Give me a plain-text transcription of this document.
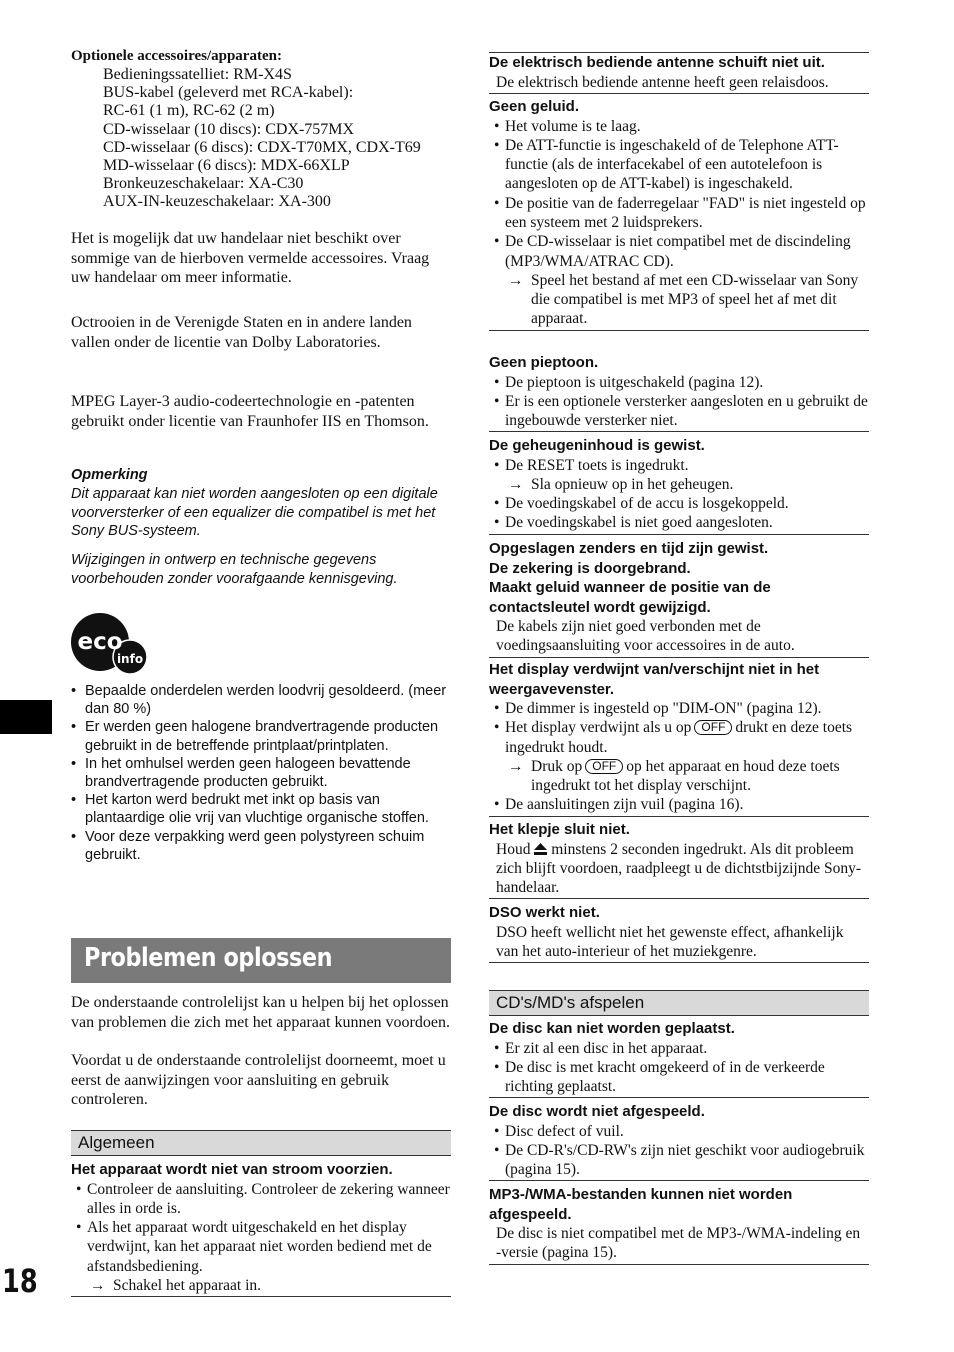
Optionele accessoires/apparaten:
Bedieningssatelliet: RM-X4S
BUS-kabel (geleverd met RCA-kabel):
RC-61 (1 m), RC-62 (2 m)
CD-wisselaar (10 discs): CDX-757MX
CD-wisselaar (6 discs): CDX-T70MX, CDX-T69
MD-wisselaar (6 discs): MDX-66XLP
Bronkeuzeschakelaar: XA-C30
AUX-IN-keuzeschakelaar: XA-300
Het is mogelijk dat uw handelaar niet beschikt over sommige van de hierboven vermelde accessoires. Vraag uw handelaar om meer informatie.
Octrooien in de Verenigde Staten en in andere landen vallen onder de licentie van Dolby Laboratories.
MPEG Layer-3 audio-codeertechnologie en -patenten gebruikt onder licentie van Fraunhofer IIS en Thomson.
Opmerking
Dit apparaat kan niet worden aangesloten op een digitale voorversterker of een equalizer die compatibel is met het Sony BUS-systeem.
Wijzigingen in ontwerp en technische gegevens voorbehouden zonder voorafgaande kennisgeving.
eco
info
• Bepaalde onderdelen werden loodvrij gesoldeerd. (meer dan 80 %)
• Er werden geen halogene brandvertragende producten gebruikt in de betreffende printplaat/printplaten.
• In het omhulsel werden geen halogeen bevattende brandvertragende producten gebruikt.
• Het karton werd bedrukt met inkt op basis van plantaardige olie vrij van vluchtige organische stoffen.
• Voor deze verpakking werd geen polystyreen schuim gebruikt.
Problemen oplossen
De onderstaande controlelijst kan u helpen bij het oplossen van problemen die zich met het apparaat kunnen voordoen.
Voordat u de onderstaande controlelijst doorneemt, moet u eerst de aanwijzingen voor aansluiting en gebruik controleren.
Algemeen
Het apparaat wordt niet van stroom voorzien.
• Controleer de aansluiting. Controleer de zekering wanneer alles in orde is.
• Als het apparaat wordt uitgeschakeld en het display verdwijnt, kan het apparaat niet worden bediend met de afstandsbediening.
→ Schakel het apparaat in.
De elektrisch bediende antenne schuift niet uit.
De elektrisch bediende antenne heeft geen relaisdoos.
Geen geluid.
• Het volume is te laag.
• De ATT-functie is ingeschakeld of de Telephone ATT-functie (als de interfacekabel of een autotelefoon is aangesloten op de ATT-kabel) is ingeschakeld.
• De positie van de faderregelaar "FAD" is niet ingesteld op een systeem met 2 luidsprekers.
• De CD-wisselaar is niet compatibel met de discindeling (MP3/WMA/ATRAC CD).
→ Speel het bestand af met een CD-wisselaar van Sony die compatibel is met MP3 of speel het af met dit apparaat.
Geen pieptoon.
• De pieptoon is uitgeschakeld (pagina 12).
• Er is een optionele versterker aangesloten en u gebruikt de ingebouwde versterker niet.
De geheugeninhoud is gewist.
• De RESET toets is ingedrukt.
→ Sla opnieuw op in het geheugen.
• De voedingskabel of de accu is losgekoppeld.
• De voedingskabel is niet goed aangesloten.
Opgeslagen zenders en tijd zijn gewist.
De zekering is doorgebrand.
Maakt geluid wanneer de positie van de contactsleutel wordt gewijzigd.
De kabels zijn niet goed verbonden met de voedingsaansluiting voor accessoires in de auto.
Het display verdwijnt van/verschijnt niet in het weergavevenster.
• De dimmer is ingesteld op "DIM-ON" (pagina 12).
• Het display verdwijnt als u op OFF drukt en deze toets ingedrukt houdt.
→ Druk op OFF op het apparaat en houd deze toets ingedrukt tot het display verschijnt.
• De aansluitingen zijn vuil (pagina 16).
Het klepje sluit niet.
Houd minstens 2 seconden ingedrukt. Als dit probleem zich blijft voordoen, raadpleegt u de dichtstbijzijnde Sony-handelaar.
DSO werkt niet.
DSO heeft wellicht niet het gewenste effect, afhankelijk van het auto-interieur of het muziekgenre.
CD's/MD's afspelen
De disc kan niet worden geplaatst.
• Er zit al een disc in het apparaat.
• De disc is met kracht omgekeerd of in de verkeerde richting geplaatst.
De disc wordt niet afgespeeld.
• Disc defect of vuil.
• De CD-R's/CD-RW's zijn niet geschikt voor audiogebruik (pagina 15).
MP3-/WMA-bestanden kunnen niet worden afgespeeld.
De disc is niet compatibel met de MP3-/WMA-indeling en -versie (pagina 15).
18
